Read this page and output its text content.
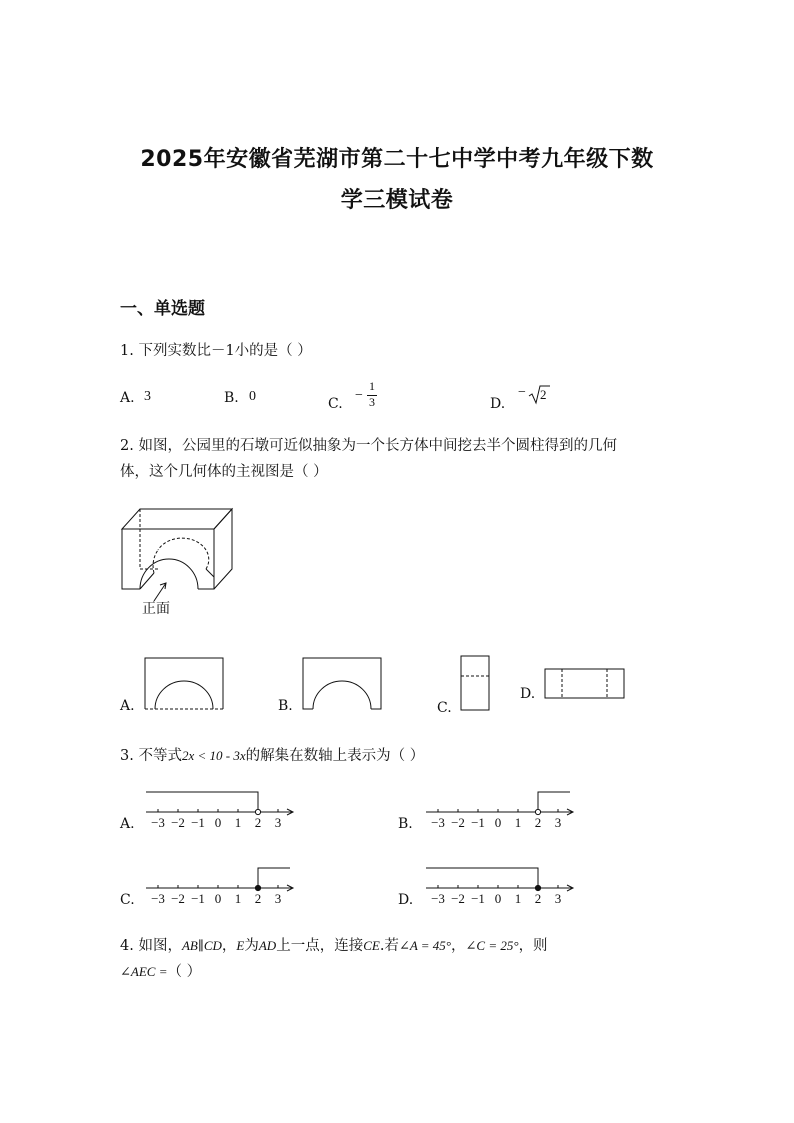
2025年安徽省芜湖市第二十七中学中考九年级下数
学三模试卷
一、单选题
1. 下列实数比－1小的是（ ）
A. 3	B. 0	C.
−
1
3	D.
− 2
2. 如图，公园里的石墩可近似抽象为一个长方体中间挖去半个圆柱得到的几何
体，这个几何体的主视图是（ ）
正面
A.	B.	C.
D.
3. 不等式2x < 10 - 3x的解集在数轴上表示为（ ）
A. −3 −2 −1 0 1 2 3	B. −3 −2 −1 0 1 2 3
C. −3 −2 −1 0 1 2 3	D. −3 −2 −1 0 1 2 3
4. 如图，AB∥CD，E为AD上一点，连接CE.若∠A = 45°，∠C = 25°，则
∠AEC =（ ）
